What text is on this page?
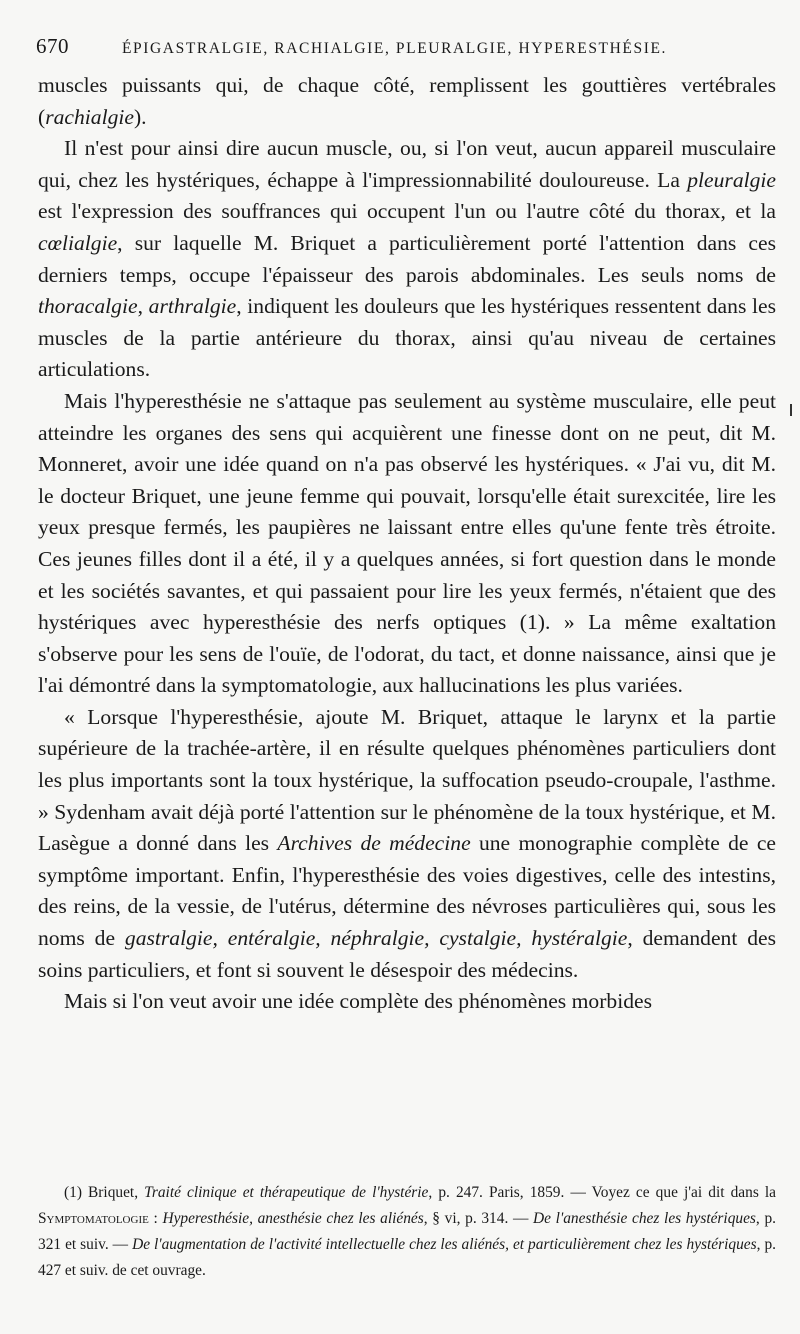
670	ÉPIGASTRALGIE, RACHIALGIE, PLEURALGIE, HYPERESTHÉSIE.

muscles puissants qui, de chaque côté, remplissent les gouttières vertébrales (rachialgie).

Il n'est pour ainsi dire aucun muscle, ou, si l'on veut, aucun appareil musculaire qui, chez les hystériques, échappe à l'impressionnabilité douloureuse. La pleuralgie est l'expression des souffrances qui occupent l'un ou l'autre côté du thorax, et la cœlialgie, sur laquelle M. Briquet a particulièrement porté l'attention dans ces derniers temps, occupe l'épaisseur des parois abdominales. Les seuls noms de thoracalgie, arthralgie, indiquent les douleurs que les hystériques ressentent dans les muscles de la partie antérieure du thorax, ainsi qu'au niveau de certaines articulations.

Mais l'hyperesthésie ne s'attaque pas seulement au système musculaire, elle peut atteindre les organes des sens qui acquièrent une finesse dont on ne peut, dit M. Monneret, avoir une idée quand on n'a pas observé les hystériques. « J'ai vu, dit M. le docteur Briquet, une jeune femme qui pouvait, lorsqu'elle était surexcitée, lire les yeux presque fermés, les paupières ne laissant entre elles qu'une fente très étroite. Ces jeunes filles dont il a été, il y a quelques années, si fort question dans le monde et les sociétés savantes, et qui passaient pour lire les yeux fermés, n'étaient que des hystériques avec hyperesthésie des nerfs optiques (1). » La même exaltation s'observe pour les sens de l'ouïe, de l'odorat, du tact, et donne naissance, ainsi que je l'ai démontré dans la symptomatologie, aux hallucinations les plus variées.

« Lorsque l'hyperesthésie, ajoute M. Briquet, attaque le larynx et la partie supérieure de la trachée-artère, il en résulte quelques phénomènes particuliers dont les plus importants sont la toux hystérique, la suffocation pseudo-croupale, l'asthme. » Sydenham avait déjà porté l'attention sur le phénomène de la toux hystérique, et M. Lasègue a donné dans les Archives de médecine une monographie complète de ce symptôme important. Enfin, l'hyperesthésie des voies digestives, celle des intestins, des reins, de la vessie, de l'utérus, détermine des névroses particulières qui, sous les noms de gastralgie, entéralgie, néphralgie, cystalgie, hystéralgie, demandent des soins particuliers, et font si souvent le désespoir des médecins.

Mais si l'on veut avoir une idée complète des phénomènes morbides

(1) Briquet, Traité clinique et thérapeutique de l'hystérie, p. 247. Paris, 1859. — Voyez ce que j'ai dit dans la Symptomatologie : Hyperesthésie, anesthésie chez les aliénés, § vi, p. 314. — De l'anesthésie chez les hystériques, p. 321 et suiv. — De l'augmentation de l'activité intellectuelle chez les aliénés, et particulièrement chez les hystériques, p. 427 et suiv. de cet ouvrage.
